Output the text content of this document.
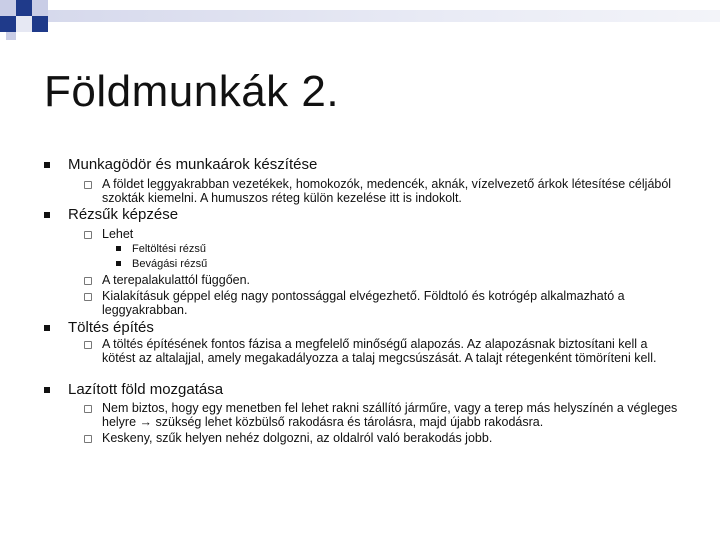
Földmunkák 2.
Munkagödör és munkaárok készítése
A földet leggyakrabban vezetékek, homokozók, medencék, aknák, vízelvezető árkok létesítése céljából szokták kiemelni. A humuszos réteg külön kezelése itt is indokolt.
Rézsűk képzése
Lehet
Feltöltési rézsű
Bevágási rézsű
A terepalakulattól függően.
Kialakításuk géppel elég nagy pontossággal elvégezhető. Földtoló és kotrógép alkalmazható a leggyakrabban.
Töltés építés
A töltés építésének fontos fázisa a megfelelő minőségű alapozás. Az alapozásnak biztosítani kell a kötést az altalajjal, amely megakadályozza a talaj megcsúszását. A talajt rétegenként tömöríteni kell.
Lazított föld mozgatása
Nem biztos, hogy egy menetben fel lehet rakni szállító járműre, vagy a terep más helyszínén a végleges helyre → szükség lehet közbülső rakodásra és tárolásra, majd újabb rakodásra.
Keskeny, szűk helyen nehéz dolgozni, az oldalról való berakodás jobb.
